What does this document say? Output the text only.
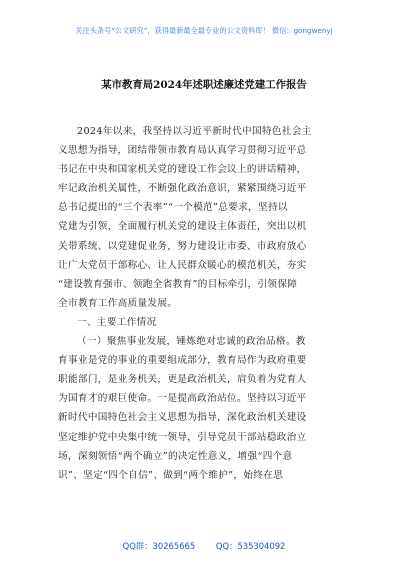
关注头条号“公文研究”，获得最新最全最专业的公文资料库！ 微信：gongwenyj
某市教育局2024年述职述廉述党建工作报告
2024年以来，我坚持以习近平新时代中国特色社会主
义思想为指导，团结带领市教育局认真学习贯彻习近平总
书记在中央和国家机关党的建设工作会议上的讲话精神，
牢记政治机关属性，不断强化政治意识，紧紧围绕习近平
总书记提出的“三个表率”“一个模范”总要求，坚持以
党建为引领，全面履行机关党的建设主体责任，突出以机
关带系统、以党建促业务，努力建设让市委、市政府放心
让广大党员干部称心、让人民群众暖心的模范机关，夯实
“建设教育强市、领跑全省教育”的目标牵引，引领保障
全市教育工作高质量发展。
一、主要工作情况
（一）聚焦事业发展，锤炼绝对忠诚的政治品格。教
育事业是党的事业的重要组成部分，教育局作为政府重要
职能部门，是业务机关，更是政治机关，肩负着为党育人
为国育才的艰巨使命。一是提高政治站位。坚持以习近平
新时代中国特色社会主义思想为指导，深化政治机关建设
坚定维护党中央集中统一领导，引导党员干部站稳政治立
场，深刻领悟“两个确立”的决定性意义，增强“四个意
识”、坚定“四个自信”、做到“两个维护”，始终在思
QQ群：30265665 QQ：535304092
